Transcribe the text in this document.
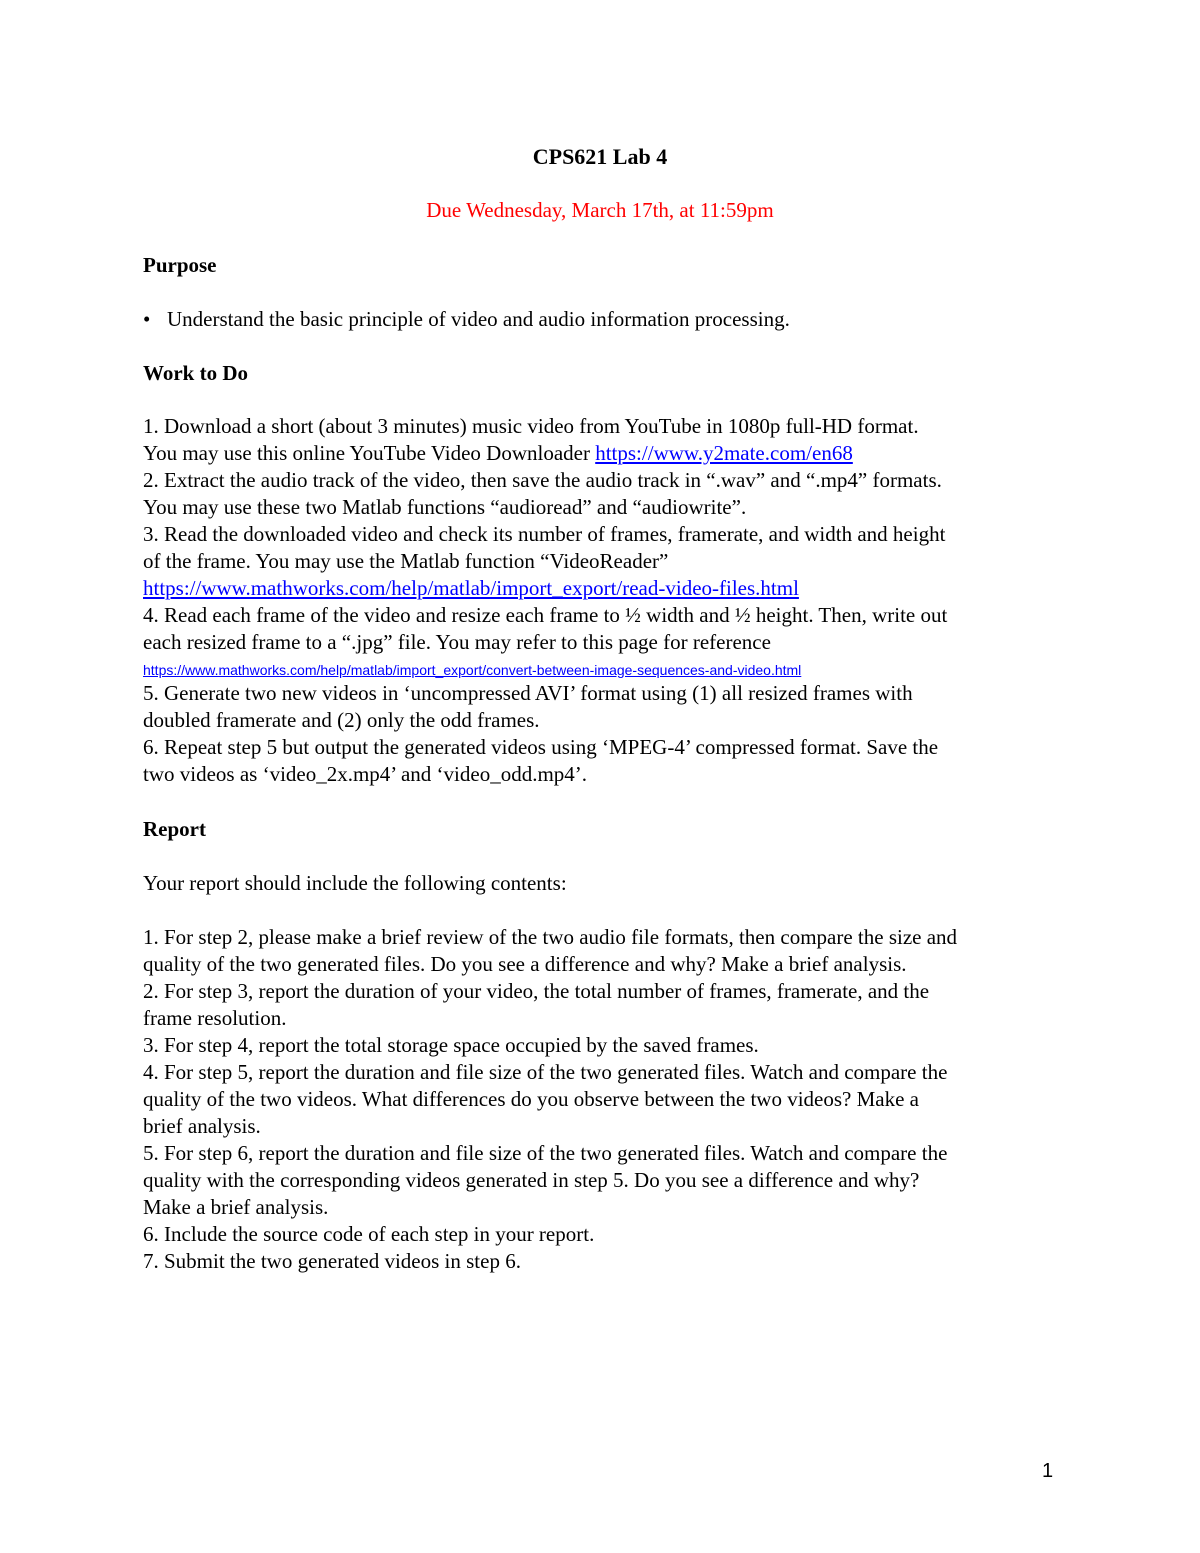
CPS621 Lab 4
Due Wednesday, March 17th, at 11:59pm
Purpose
• Understand the basic principle of video and audio information processing.
Work to Do
1. Download a short (about 3 minutes) music video from YouTube in 1080p full-HD format.
You may use this online YouTube Video Downloader https://www.y2mate.com/en68
2. Extract the audio track of the video, then save the audio track in “.wav” and “.mp4” formats.
You may use these two Matlab functions “audioread” and “audiowrite”.
3. Read the downloaded video and check its number of frames, framerate, and width and height
of the frame. You may use the Matlab function “VideoReader”
https://www.mathworks.com/help/matlab/import_export/read-video-files.html
4. Read each frame of the video and resize each frame to ½ width and ½ height. Then, write out
each resized frame to a “.jpg” file. You may refer to this page for reference
https://www.mathworks.com/help/matlab/import_export/convert-between-image-sequences-and-video.html
5. Generate two new videos in ‘uncompressed AVI’ format using (1) all resized frames with
doubled framerate and (2) only the odd frames.
6. Repeat step 5 but output the generated videos using ‘MPEG-4’ compressed format. Save the
two videos as ‘video_2x.mp4’ and ‘video_odd.mp4’.
Report
Your report should include the following contents:
1. For step 2, please make a brief review of the two audio file formats, then compare the size and
quality of the two generated files. Do you see a difference and why? Make a brief analysis.
2. For step 3, report the duration of your video, the total number of frames, framerate, and the
frame resolution.
3. For step 4, report the total storage space occupied by the saved frames.
4. For step 5, report the duration and file size of the two generated files. Watch and compare the
quality of the two videos. What differences do you observe between the two videos? Make a
brief analysis.
5. For step 6, report the duration and file size of the two generated files. Watch and compare the
quality with the corresponding videos generated in step 5. Do you see a difference and why?
Make a brief analysis.
6. Include the source code of each step in your report.
7. Submit the two generated videos in step 6.
1
